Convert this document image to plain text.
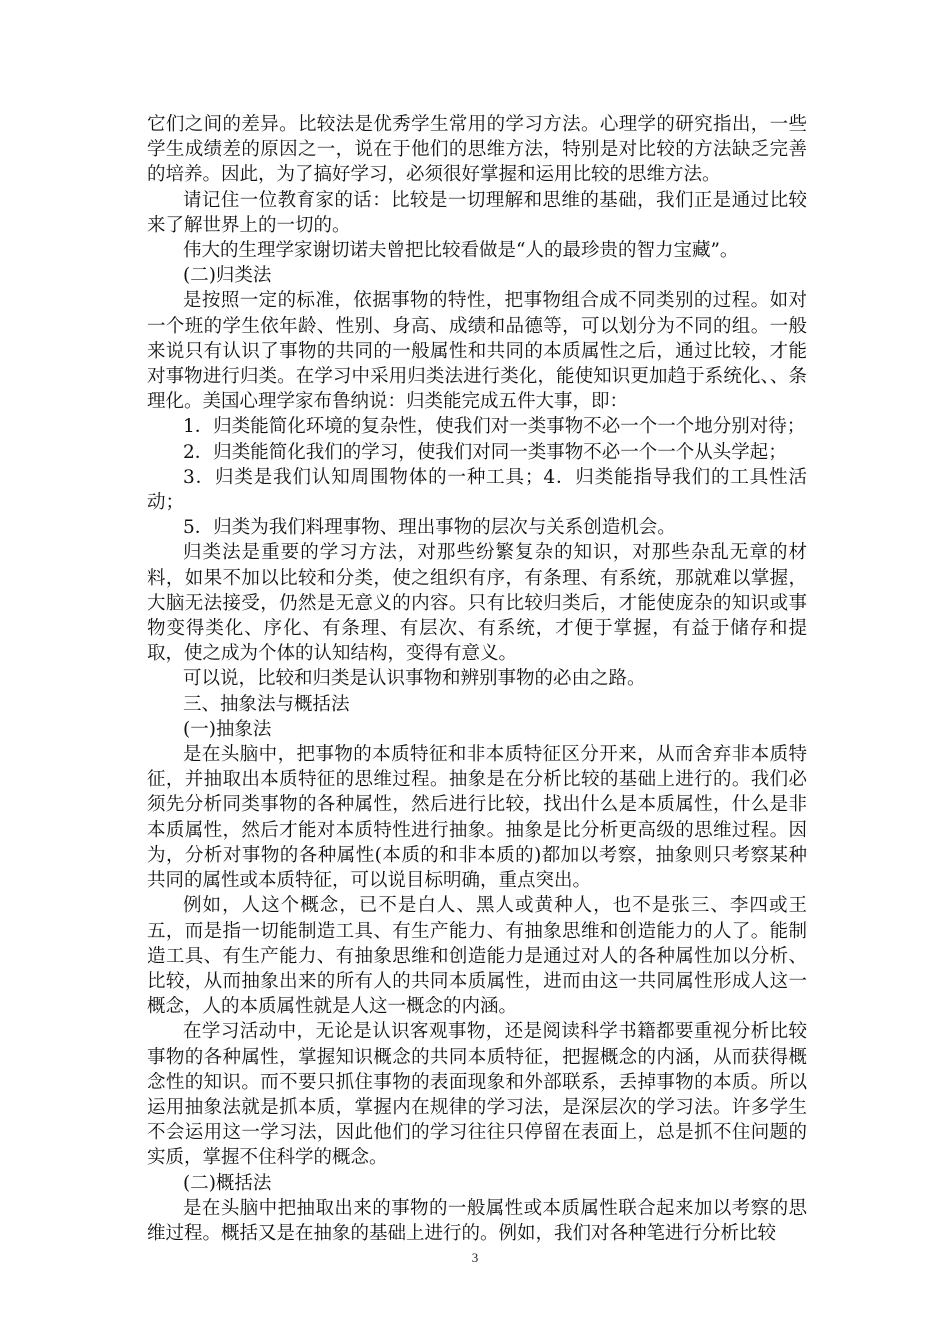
它们之间的差异。比较法是优秀学生常用的学习方法。心理学的研究指出，一些学生成绩差的原因之一，说在于他们的思维方法，特别是对比较的方法缺乏完善的培养。因此，为了搞好学习，必须很好掌握和运用比较的思维方法。

请记住一位教育家的话：比较是一切理解和思维的基础，我们正是通过比较来了解世界上的一切的。

伟大的生理学家谢切诺夫曾把比较看做是“人的最珍贵的智力宝藏”。

(二)归类法

是按照一定的标准，依据事物的特性，把事物组合成不同类别的过程。如对一个班的学生依年龄、性别、身高、成绩和品德等，可以划分为不同的组。一般来说只有认识了事物的共同的一般属性和共同的本质属性之后，通过比较，才能对事物进行归类。在学习中采用归类法进行类化，能使知识更加趋于系统化、、条理化。美国心理学家布鲁纳说：归类能完成五件大事，即：

1．归类能简化环境的复杂性，使我们对一类事物不必一个一个地分别对待；

2．归类能简化我们的学习，使我们对同一类事物不必一个一个从头学起；

3．归类是我们认知周围物体的一种工具；4．归类能指导我们的工具性活动；

5．归类为我们料理事物、理出事物的层次与关系创造机会。

归类法是重要的学习方法，对那些纷繁复杂的知识，对那些杂乱无章的材料，如果不加以比较和分类，使之组织有序，有条理、有系统，那就难以掌握，大脑无法接受，仍然是无意义的内容。只有比较归类后，才能使庞杂的知识或事物变得类化、序化、有条理、有层次、有系统，才便于掌握，有益于储存和提取，使之成为个体的认知结构，变得有意义。

可以说，比较和归类是认识事物和辨别事物的必由之路。

三、抽象法与概括法

(一)抽象法

是在头脑中，把事物的本质特征和非本质特征区分开来，从而舍弃非本质特征，并抽取出本质特征的思维过程。抽象是在分析比较的基础上进行的。我们必须先分析同类事物的各种属性，然后进行比较，找出什么是本质属性，什么是非本质属性，然后才能对本质特性进行抽象。抽象是比分析更高级的思维过程。因为，分析对事物的各种属性(本质的和非本质的)都加以考察，抽象则只考察某种共同的属性或本质特征，可以说目标明确，重点突出。

例如，人这个概念，已不是白人、黑人或黄种人，也不是张三、李四或王五，而是指一切能制造工具、有生产能力、有抽象思维和创造能力的人了。能制造工具、有生产能力、有抽象思维和创造能力是通过对人的各种属性加以分析、比较，从而抽象出来的所有人的共同本质属性，进而由这一共同属性形成人这一概念，人的本质属性就是人这一概念的内涵。

在学习活动中，无论是认识客观事物，还是阅读科学书籍都要重视分析比较事物的各种属性，掌握知识概念的共同本质特征，把握概念的内涵，从而获得概念性的知识。而不要只抓住事物的表面现象和外部联系，丢掉事物的本质。所以运用抽象法就是抓本质，掌握内在规律的学习法，是深层次的学习法。许多学生不会运用这一学习法，因此他们的学习往往只停留在表面上，总是抓不住问题的实质，掌握不住科学的概念。

(二)概括法

是在头脑中把抽取出来的事物的一般属性或本质属性联合起来加以考察的思维过程。概括又是在抽象的基础上进行的。例如，我们对各种笔进行分析比较

3
